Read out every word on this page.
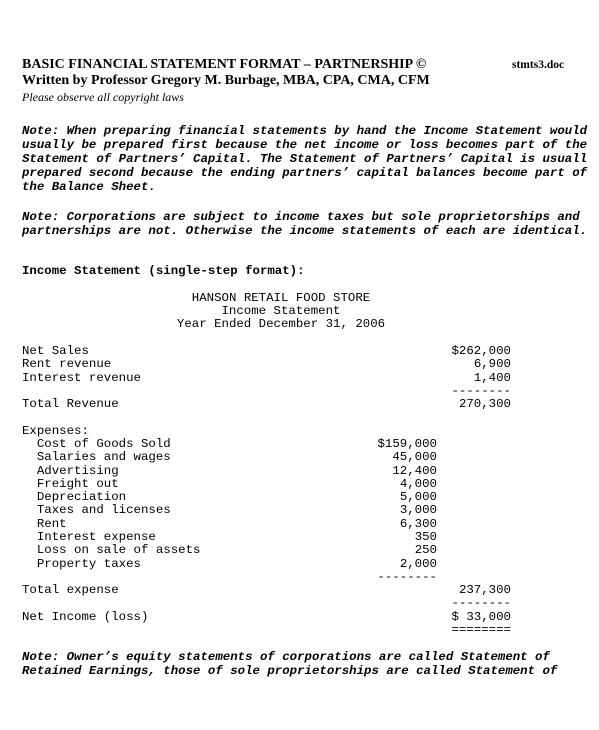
BASIC FINANCIAL STATEMENT FORMAT – PARTNERSHIP ©	stmts3.doc
Written by Professor Gregory M. Burbage, MBA, CPA, CMA, CFM
Please observe all copyright laws
Note: When preparing financial statements by hand the Income Statement would
usually be prepared first because the net income or loss becomes part of the
Statement of Partners’ Capital. The Statement of Partners’ Capital is usuall
prepared second because the ending partners’ capital balances become part of
the Balance Sheet.
Note: Corporations are subject to income taxes but sole proprietorships and
partnerships are not. Otherwise the income statements of each are identical.
Income Statement (single-step format):
HANSON RETAIL FOOD STORE
Income Statement
Year Ended December 31, 2006
Net Sales	$262,000
Rent revenue	6,900
Interest revenue	1,400
--------
Total Revenue	270,300
Expenses:
Cost of Goods Sold	$159,000
Salaries and wages	45,000
Advertising	12,400
Freight out	4,000
Depreciation	5,000
Taxes and licenses	3,000
Rent	6,300
Interest expense	350
Loss on sale of assets	250
Property taxes	2,000
--------
Total expense	237,300
--------
Net Income (loss)	$ 33,000
========
Note: Owner’s equity statements of corporations are called Statement of
Retained Earnings, those of sole proprietorships are called Statement of
